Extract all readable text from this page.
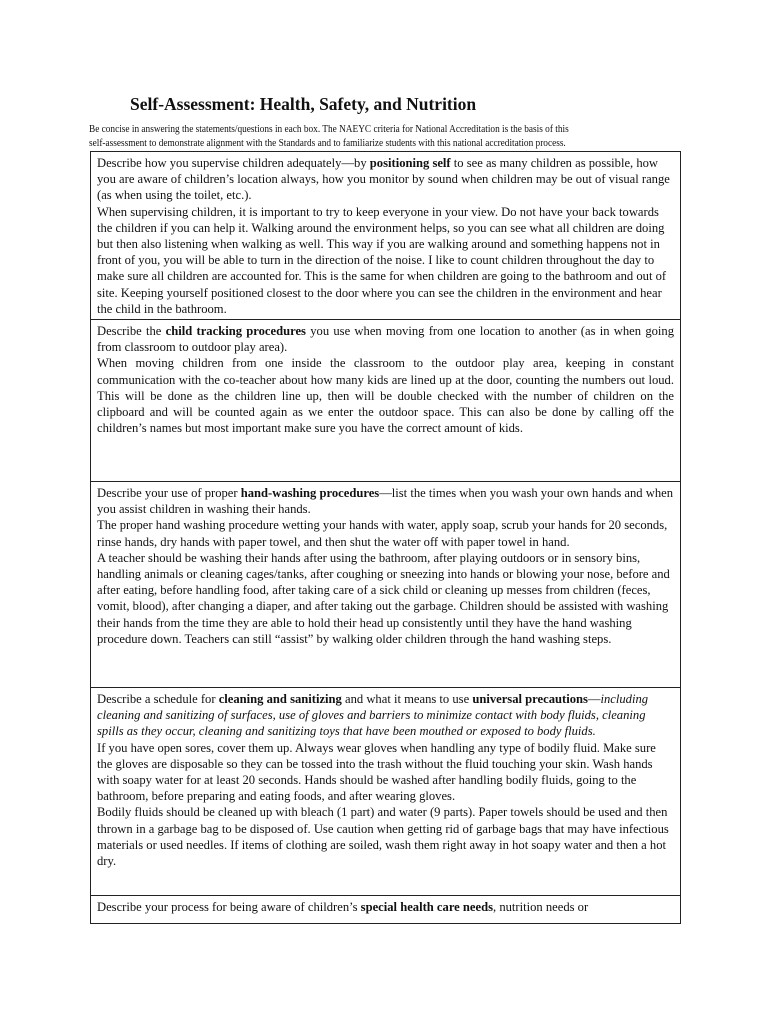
Self-Assessment: Health, Safety, and Nutrition
Be concise in answering the statements/questions in each box. The NAEYC criteria for National Accreditation is the basis of this
self-assessment to demonstrate alignment with the Standards and to familiarize students with this national accreditation process.

Describe how you supervise children adequately—by positioning self to see as many children as possible, how you are aware of children’s location always, how you monitor by sound when children may be out of visual range (as when using the toilet, etc.).

When supervising children, it is important to try to keep everyone in your view. Do not have your back towards the children if you can help it. Walking around the environment helps, so you can see what all children are doing but then also listening when walking as well. This way if you are walking around and something happens not in front of you, you will be able to turn in the direction of the noise. I like to count children throughout the day to make sure all children are accounted for. This is the same for when children are going to the bathroom and out of site. Keeping yourself positioned closest to the door where you can see the children in the environment and hear the child in the bathroom.

Describe the child tracking procedures you use when moving from one location to another (as in when going from classroom to outdoor play area).

When moving children from one inside the classroom to the outdoor play area, keeping in constant communication with the co-teacher about how many kids are lined up at the door, counting the numbers out loud. This will be done as the children line up, then will be double checked with the number of children on the clipboard and will be counted again as we enter the outdoor space. This can also be done by calling off the children’s names but most important make sure you have the correct amount of kids.

Describe your use of proper hand-washing procedures—list the times when you wash your own hands and when you assist children in washing their hands.

The proper hand washing procedure wetting your hands with water, apply soap, scrub your hands for 20 seconds, rinse hands, dry hands with paper towel, and then shut the water off with paper towel in hand.

A teacher should be washing their hands after using the bathroom, after playing outdoors or in sensory bins, handling animals or cleaning cages/tanks, after coughing or sneezing into hands or blowing your nose, before and after eating, before handling food, after taking care of a sick child or cleaning up messes from children (feces, vomit, blood), after changing a diaper, and after taking out the garbage. Children should be assisted with washing their hands from the time they are able to hold their head up consistently until they have the hand washing procedure down. Teachers can still “assist” by walking older children through the hand washing steps.

Describe a schedule for cleaning and sanitizing and what it means to use universal precautions—including cleaning and sanitizing of surfaces, use of gloves and barriers to minimize contact with body fluids, cleaning spills as they occur, cleaning and sanitizing toys that have been mouthed or exposed to body fluids.

If you have open sores, cover them up. Always wear gloves when handling any type of bodily fluid. Make sure the gloves are disposable so they can be tossed into the trash without the fluid touching your skin. Wash hands with soapy water for at least 20 seconds. Hands should be washed after handling bodily fluids, going to the bathroom, before preparing and eating foods, and after wearing gloves.

Bodily fluids should be cleaned up with bleach (1 part) and water (9 parts). Paper towels should be used and then thrown in a garbage bag to be disposed of. Use caution when getting rid of garbage bags that may have infectious materials or used needles. If items of clothing are soiled, wash them right away in hot soapy water and then a hot dry.

Describe your process for being aware of children’s special health care needs, nutrition needs or
